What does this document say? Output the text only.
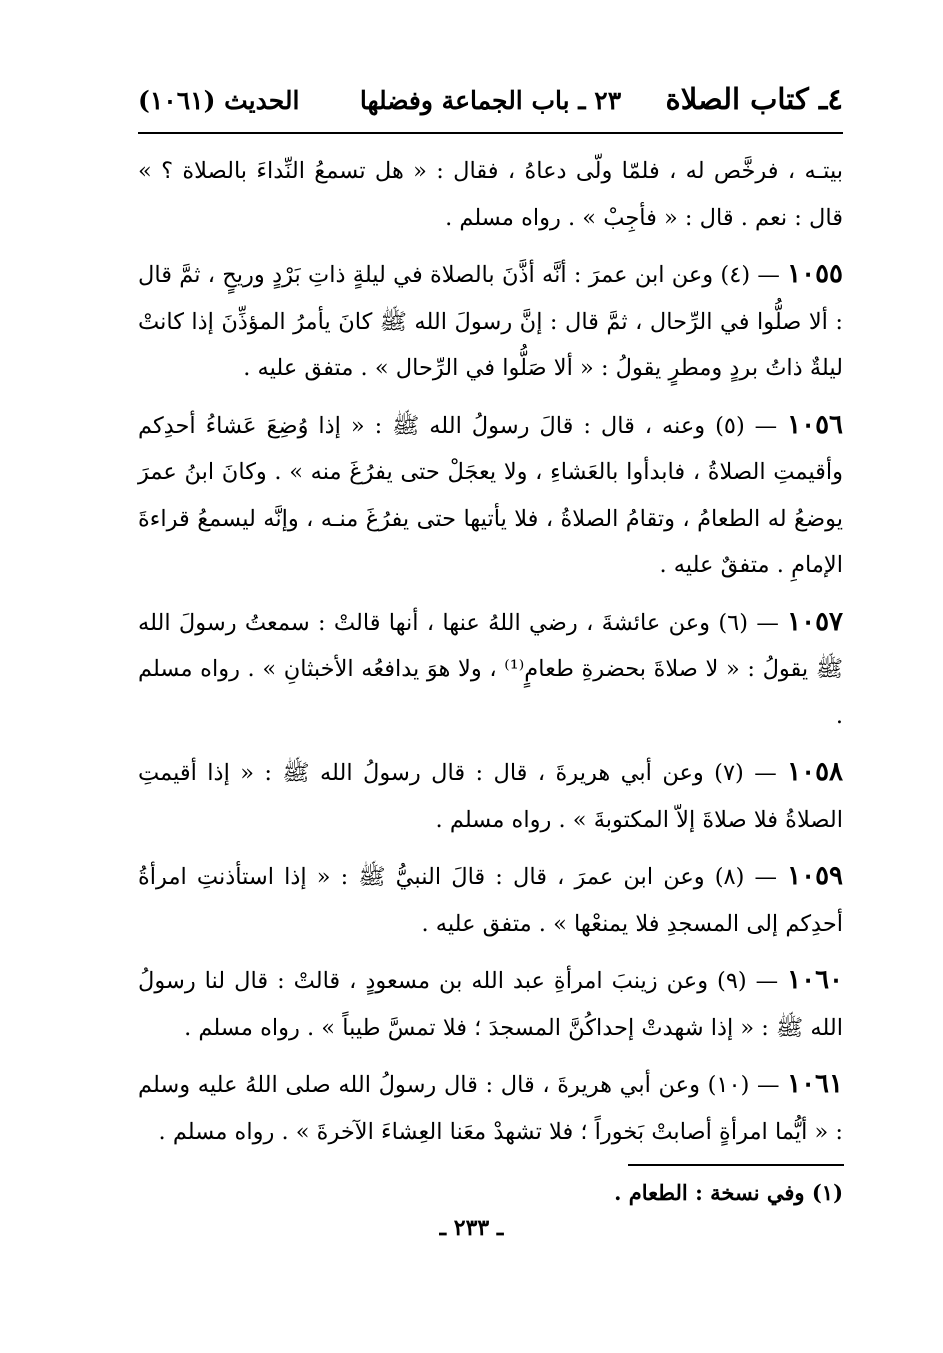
٤ـ كتاب الصلاة
٢٣ ـ باب الجماعة وفضلها
الحديث (١٠٦١)

بيتـه ، فرخَّص له ، فلمّا ولّى دعاهُ ، فقال : « هل تسمعُ النِّداءَ بالصلاة ؟ » قال : نعم . قال : « فأجِبْ » . رواه مسلم .

١٠٥٥ — (٤) وعن ابن عمرَ : أنَّه أذَّنَ بالصلاة في ليلةٍ ذاتِ بَرْدٍ وريحٍ ، ثمَّ قال : ألا صلُّوا في الرِّحال ، ثمَّ قال : إنَّ رسولَ الله ﷺ كانَ يأمرُ المؤذِّنَ إذا كانتْ ليلةٌ ذاتُ بردٍ ومطرٍ يقولُ : « ألا صَلُّوا في الرِّحال » . متفق عليه .

١٠٥٦ — (٥) وعنه ، قال : قالَ رسولُ الله ﷺ : « إذا وُضِعَ عَشاءُ أحدِكم وأقيمتِ الصلاةُ ، فابدأوا بالعَشاءِ ، ولا يعجَلْ حتى يفرُغَ منه » . وكانَ ابنُ عمرَ يوضعُ له الطعامُ ، وتقامُ الصلاةُ ، فلا يأتيها حتى يفرُغَ منـه ، وإنَّه ليسمعُ قراءةَ الإمامِ . متفقٌ عليه .

١٠٥٧ — (٦) وعن عائشةَ ، رضي اللهُ عنها ، أنها قالتْ : سمعتُ رسولَ الله ﷺ يقولُ : « لا صلاةَ بحضرةِ طعامٍ⁽¹⁾ ، ولا هوَ يدافعُه الأخبثانِ » . رواه مسلم .

١٠٥٨ — (٧) وعن أبي هريرةَ ، قال : قال رسولُ الله ﷺ : « إذا أقيمتِ الصلاةُ فلا صلاةَ إلاّ المكتوبةَ » . رواه مسلم .

١٠٥٩ — (٨) وعن ابن عمرَ ، قال : قالَ النبيُّ ﷺ : « إذا استأذنتِ امرأةُ أحدِكم إلى المسجدِ فلا يمنعْها » . متفق عليه .

١٠٦٠ — (٩) وعن زينبَ امرأةِ عبد الله بن مسعودٍ ، قالتْ : قال لنا رسولُ الله ﷺ : « إذا شهدتْ إحداكُنَّ المسجدَ ؛ فلا تمسَّ طيباً » . رواه مسلم .

١٠٦١ — (١٠) وعن أبي هريرةَ ، قال : قال رسولُ الله صلى اللهُ عليه وسلم : « أيُّما امرأةٍ أصابتْ بَخوراً ؛ فلا تشهدْ معَنا العِشاءَ الآخرةَ » . رواه مسلم .

(١) وفي نسخة : الطعام .
ـ ٢٣٣ ـ
